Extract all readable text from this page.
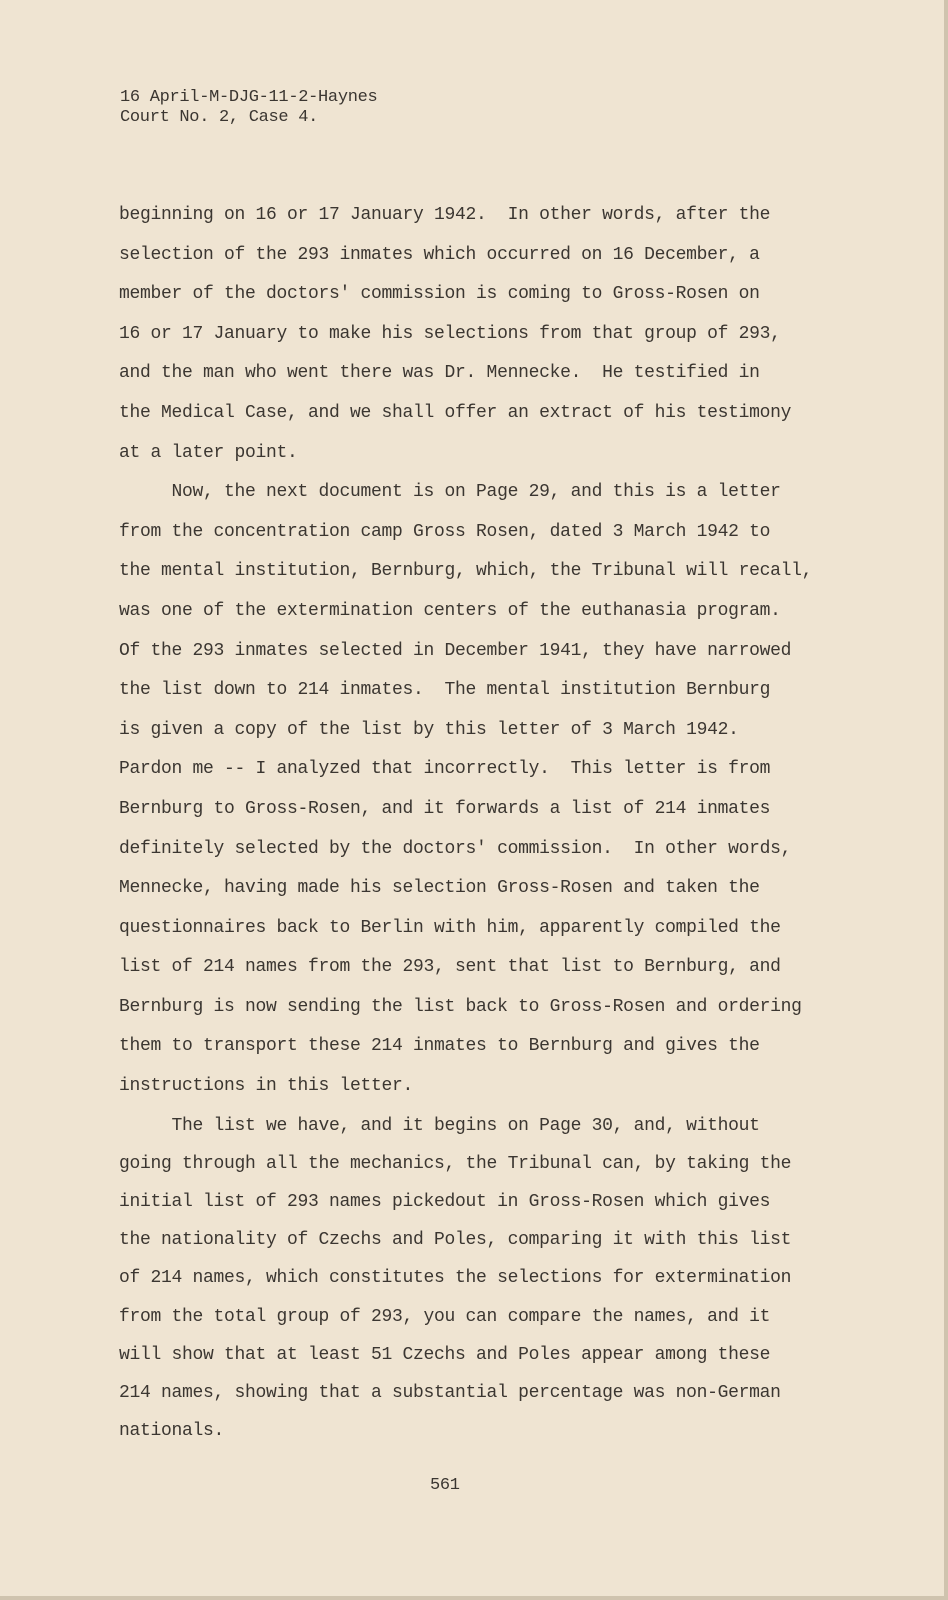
16 April-M-DJG-11-2-Haynes
Court No. 2, Case 4.
beginning on 16 or 17 January 1942.  In other words, after the
selection of the 293 inmates which occurred on 16 December, a
member of the doctors' commission is coming to Gross-Rosen on
16 or 17 January to make his selections from that group of 293,
and the man who went there was Dr. Mennecke.  He testified in
the Medical Case, and we shall offer an extract of his testimony
at a later point.
Now, the next document is on Page 29, and this is a letter
from the concentration camp Gross Rosen, dated 3 March 1942 to
the mental institution, Bernburg, which, the Tribunal will recall,
was one of the extermination centers of the euthanasia program.
Of the 293 inmates selected in December 1941, they have narrowed
the list down to 214 inmates.  The mental institution Bernburg
is given a copy of the list by this letter of 3 March 1942.
Pardon me -- I analyzed that incorrectly.  This letter is from
Bernburg to Gross-Rosen, and it forwards a list of 214 inmates
definitely selected by the doctors' commission.  In other words,
Mennecke, having made his selection Gross-Rosen and taken the
questionnaires back to Berlin with him, apparently compiled the
list of 214 names from the 293, sent that list to Bernburg, and
Bernburg is now sending the list back to Gross-Rosen and ordering
them to transport these 214 inmates to Bernburg and gives the
instructions in this letter.
The list we have, and it begins on Page 30, and, without
going through all the mechanics, the Tribunal can, by taking the
initial list of 293 names pickedout in Gross-Rosen which gives
the nationality of Czechs and Poles, comparing it with this list
of 214 names, which constitutes the selections for extermination
from the total group of 293, you can compare the names, and it
will show that at least 51 Czechs and Poles appear among these
214 names, showing that a substantial percentage was non-German
nationals.
561
